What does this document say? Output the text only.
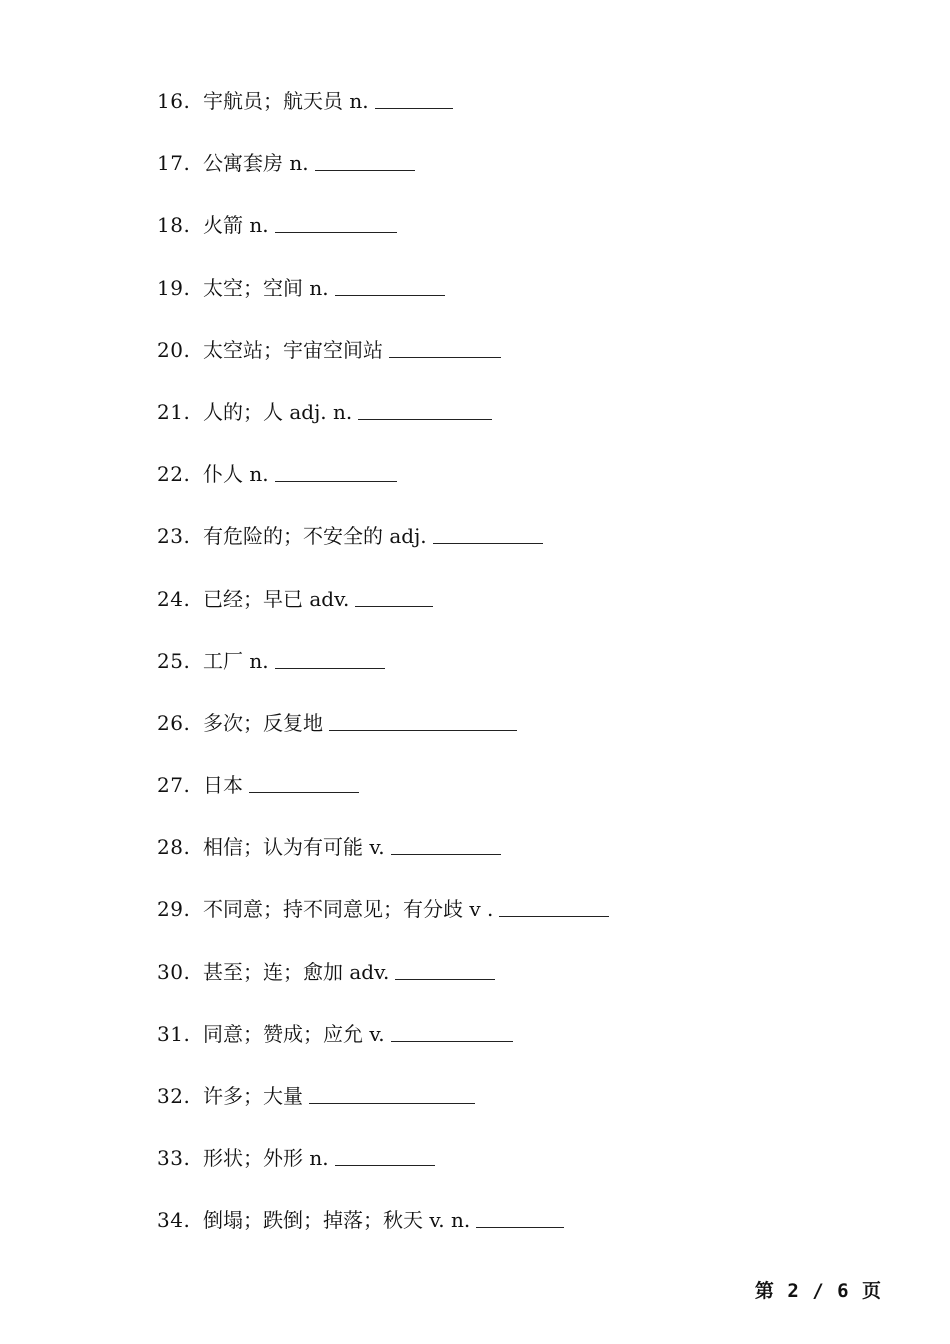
16. 宇航员；航天员 n.
17. 公寓套房 n.
18. 火箭 n.
19. 太空；空间 n.
20. 太空站；宇宙空间站
21. 人的；人 adj. n.
22. 仆人 n.
23. 有危险的；不安全的 adj.
24. 已经；早已 adv.
25. 工厂 n.
26. 多次；反复地
27. 日本
28. 相信；认为有可能 v.
29. 不同意；持不同意见；有分歧 v .
30. 甚至；连；愈加 adv.
31. 同意；赞成；应允 v.
32. 许多；大量
33. 形状；外形 n.
34. 倒塌；跌倒；掉落；秋天 v. n.
第 2 / 6 页
